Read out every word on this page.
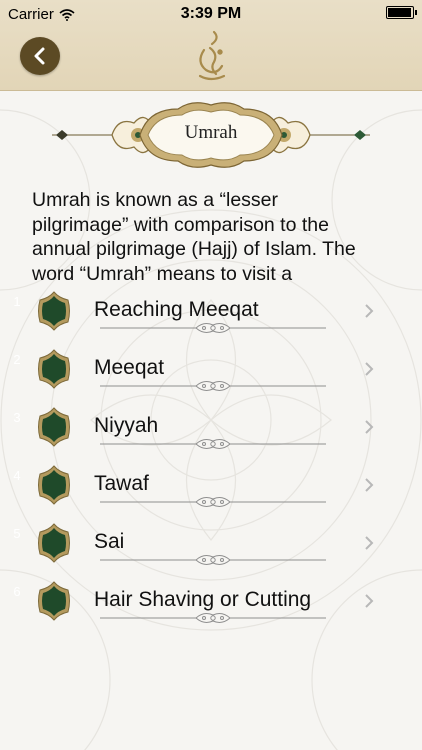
Carrier	3:39 PM
Umrah
Umrah is known as a “lesser
pilgrimage” with comparison to the
annual pilgrimage (Hajj) of Islam. The
word “Umrah” means to visit a
1	Reaching Meeqat
2	Meeqat
3	Niyyah
4	Tawaf
5	Sai
6	Hair Shaving or Cutting
